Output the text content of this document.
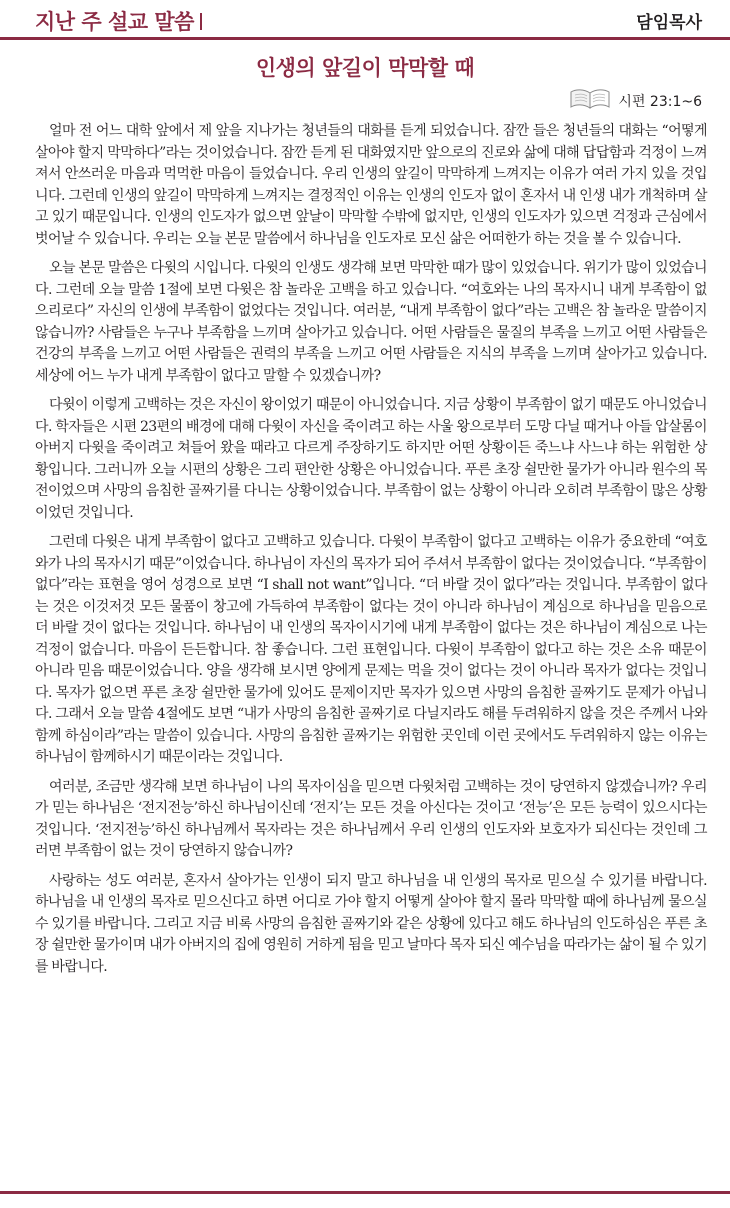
지난 주 설교 말씀	담임목사
인생의 앞길이 막막할 때
시편 23:1~6

얼마 전 어느 대학 앞에서 제 앞을 지나가는 청년들의 대화를 듣게 되었습니다. 잠깐 들은 청년들의 대화는 “어떻게 살아야 할지 막막하다”라는 것이었습니다. 잠깐 듣게 된 대화였지만 앞으로의 진로와 삶에 대해 답답함과 걱정이 느껴져서 안쓰러운 마음과 먹먹한 마음이 들었습니다. 우리 인생의 앞길이 막막하게 느껴지는 이유가 여러 가지 있을 것입니다. 그런데 인생의 앞길이 막막하게 느껴지는 결정적인 이유는 인생의 인도자 없이 혼자서 내 인생 내가 개척하며 살고 있기 때문입니다. 인생의 인도자가 없으면 앞날이 막막할 수밖에 없지만, 인생의 인도자가 있으면 걱정과 근심에서 벗어날 수 있습니다. 우리는 오늘 본문 말씀에서 하나님을 인도자로 모신 삶은 어떠한가 하는 것을 볼 수 있습니다.

오늘 본문 말씀은 다윗의 시입니다. 다윗의 인생도 생각해 보면 막막한 때가 많이 있었습니다. 위기가 많이 있었습니다. 그런데 오늘 말씀 1절에 보면 다윗은 참 놀라운 고백을 하고 있습니다. “여호와는 나의 목자시니 내게 부족함이 없으리로다” 자신의 인생에 부족함이 없었다는 것입니다. 여러분, “내게 부족함이 없다”라는 고백은 참 놀라운 말씀이지 않습니까? 사람들은 누구나 부족함을 느끼며 살아가고 있습니다. 어떤 사람들은 물질의 부족을 느끼고 어떤 사람들은 건강의 부족을 느끼고 어떤 사람들은 권력의 부족을 느끼고 어떤 사람들은 지식의 부족을 느끼며 살아가고 있습니다. 세상에 어느 누가 내게 부족함이 없다고 말할 수 있겠습니까?

다윗이 이렇게 고백하는 것은 자신이 왕이었기 때문이 아니었습니다. 지금 상황이 부족함이 없기 때문도 아니었습니다. 학자들은 시편 23편의 배경에 대해 다윗이 자신을 죽이려고 하는 사울 왕으로부터 도망 다닐 때거나 아들 압살롬이 아버지 다윗을 죽이려고 쳐들어 왔을 때라고 다르게 주장하기도 하지만 어떤 상황이든 죽느냐 사느냐 하는 위험한 상황입니다. 그러니까 오늘 시편의 상황은 그리 편안한 상황은 아니었습니다. 푸른 초장 쉴만한 물가가 아니라 원수의 목전이었으며 사망의 음침한 골짜기를 다니는 상황이었습니다. 부족함이 없는 상황이 아니라 오히려 부족함이 많은 상황이었던 것입니다.

그런데 다윗은 내게 부족함이 없다고 고백하고 있습니다. 다윗이 부족함이 없다고 고백하는 이유가 중요한데 “여호와가 나의 목자시기 때문”이었습니다. 하나님이 자신의 목자가 되어 주셔서 부족함이 없다는 것이었습니다. “부족함이 없다”라는 표현을 영어 성경으로 보면 “I shall not want”입니다. “더 바랄 것이 없다”라는 것입니다. 부족함이 없다는 것은 이것저것 모든 물품이 창고에 가득하여 부족함이 없다는 것이 아니라 하나님이 계심으로 하나님을 믿음으로 더 바랄 것이 없다는 것입니다. 하나님이 내 인생의 목자이시기에 내게 부족함이 없다는 것은 하나님이 계심으로 나는 걱정이 없습니다. 마음이 든든합니다. 참 좋습니다. 그런 표현입니다. 다윗이 부족함이 없다고 하는 것은 소유 때문이 아니라 믿음 때문이었습니다. 양을 생각해 보시면 양에게 문제는 먹을 것이 없다는 것이 아니라 목자가 없다는 것입니다. 목자가 없으면 푸른 초장 쉴만한 물가에 있어도 문제이지만 목자가 있으면 사망의 음침한 골짜기도 문제가 아닙니다. 그래서 오늘 말씀 4절에도 보면 “내가 사망의 음침한 골짜기로 다닐지라도 해를 두려워하지 않을 것은 주께서 나와 함께 하심이라”라는 말씀이 있습니다. 사망의 음침한 골짜기는 위험한 곳인데 이런 곳에서도 두려워하지 않는 이유는 하나님이 함께하시기 때문이라는 것입니다.

여러분, 조금만 생각해 보면 하나님이 나의 목자이심을 믿으면 다윗처럼 고백하는 것이 당연하지 않겠습니까? 우리가 믿는 하나님은 ‘전지전능’하신 하나님이신데 ‘전지’는 모든 것을 아신다는 것이고 ‘전능’은 모든 능력이 있으시다는 것입니다. ‘전지전능’하신 하나님께서 목자라는 것은 하나님께서 우리 인생의 인도자와 보호자가 되신다는 것인데 그러면 부족함이 없는 것이 당연하지 않습니까?

사랑하는 성도 여러분, 혼자서 살아가는 인생이 되지 말고 하나님을 내 인생의 목자로 믿으실 수 있기를 바랍니다. 하나님을 내 인생의 목자로 믿으신다고 하면 어디로 가야 할지 어떻게 살아야 할지 몰라 막막할 때에 하나님께 물으실 수 있기를 바랍니다. 그리고 지금 비록 사망의 음침한 골짜기와 같은 상황에 있다고 해도 하나님의 인도하심은 푸른 초장 쉴만한 물가이며 내가 아버지의 집에 영원히 거하게 됨을 믿고 날마다 목자 되신 예수님을 따라가는 삶이 될 수 있기를 바랍니다.
